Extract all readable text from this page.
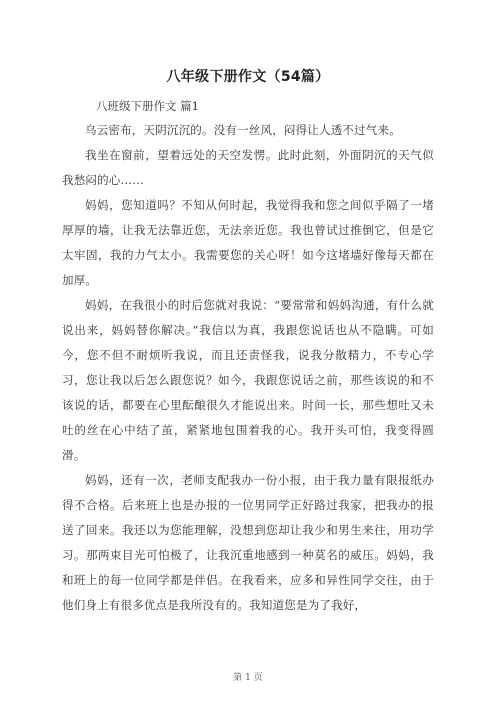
八年级下册作文（54篇）
八班级下册作文 篇1

乌云密布，天阴沉沉的。没有一丝风，闷得让人透不过气来。

我坐在窗前，望着远处的天空发愣。此时此刻，外面阴沉的天气似我愁闷的心……

妈妈，您知道吗？不知从何时起，我觉得我和您之间似乎隔了一堵厚厚的墙，让我无法靠近您，无法亲近您。我也曾试过推倒它，但是它太牢固，我的力气太小。我需要您的关心呀！如今这堵墙好像每天都在加厚。

妈妈，在我很小的时后您就对我说：“要常常和妈妈沟通，有什么就说出来，妈妈替你解决。”我信以为真，我跟您说话也从不隐瞒。可如今，您不但不耐烦听我说，而且还责怪我，说我分散精力，不专心学习，您让我以后怎么跟您说？如今，我跟您说话之前，那些该说的和不该说的话，都要在心里酝酿很久才能说出来。时间一长，那些想吐又未吐的丝在心中结了茧，紧紧地包围着我的心。我开头可怕，我变得圆滑。

妈妈，还有一次，老师支配我办一份小报，由于我力量有限报纸办得不合格。后来班上也是办报的一位男同学正好路过我家，把我办的报送了回来。我还以为您能理解，没想到您却让我少和男生来往，用功学习。那两束目光可怕极了，让我沉重地感到一种莫名的威压。妈妈，我和班上的每一位同学都是伴侣。在我看来，应多和异性同学交往，由于他们身上有很多优点是我所没有的。我知道您是为了我好，

第 1 页
